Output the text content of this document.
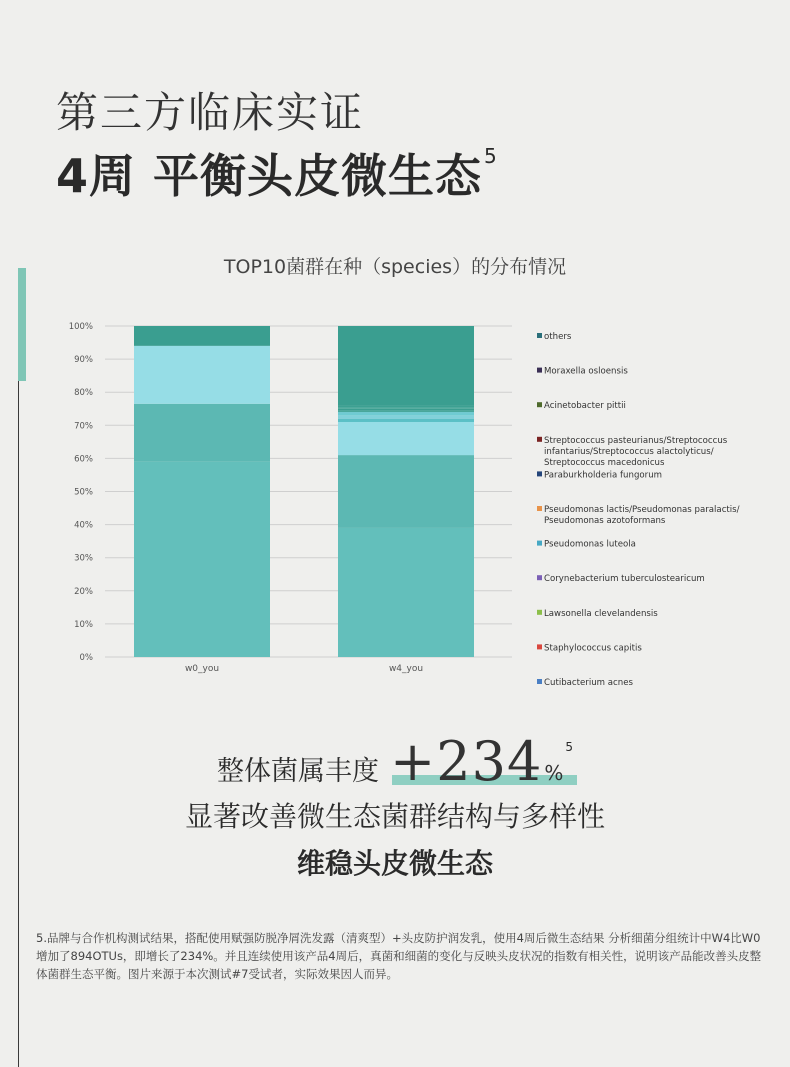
第三方临床实证
4周 平衡头皮微生态 $^5$

TOP10菌群在种（species）的分布情况

100%
90%
80%
70%
60%
50%
40%
30%
20%
10%
0%
w0_you	w4_you
others
Moraxella osloensis
Acinetobacter pittii
Streptococcus pasteurianus/Streptococcus infantarius/Streptococcus alactolyticus/ Streptococcus macedonicus
Paraburkholderia fungorum
Pseudomonas lactis/Pseudomonas paralactis/ Pseudomonas azotoformans
Pseudomonas luteola
Corynebacterium tuberculostearicum
Lawsonella clevelandensis
Staphylococcus capitis
Cutibacterium acnes
整体菌属丰度 +234 %$^5$

显著改善微生态菌群结构与多样性

维稳头皮微生态

5.品牌与合作机构测试结果，搭配使用赋强防脱净屑洗发露（清爽型）+头皮防护润发乳，使用4周后微生态结果 分析细菌分组统计中W4比W0增加了894OTUs，即增长了234%。并且连续使用该产品4周后，真菌和细菌的变化与反映头皮状况的指数有相关性，说明该产品能改善头皮整体菌群生态平衡。图片来源于本次测试#7受试者，实际效果因人而异。
